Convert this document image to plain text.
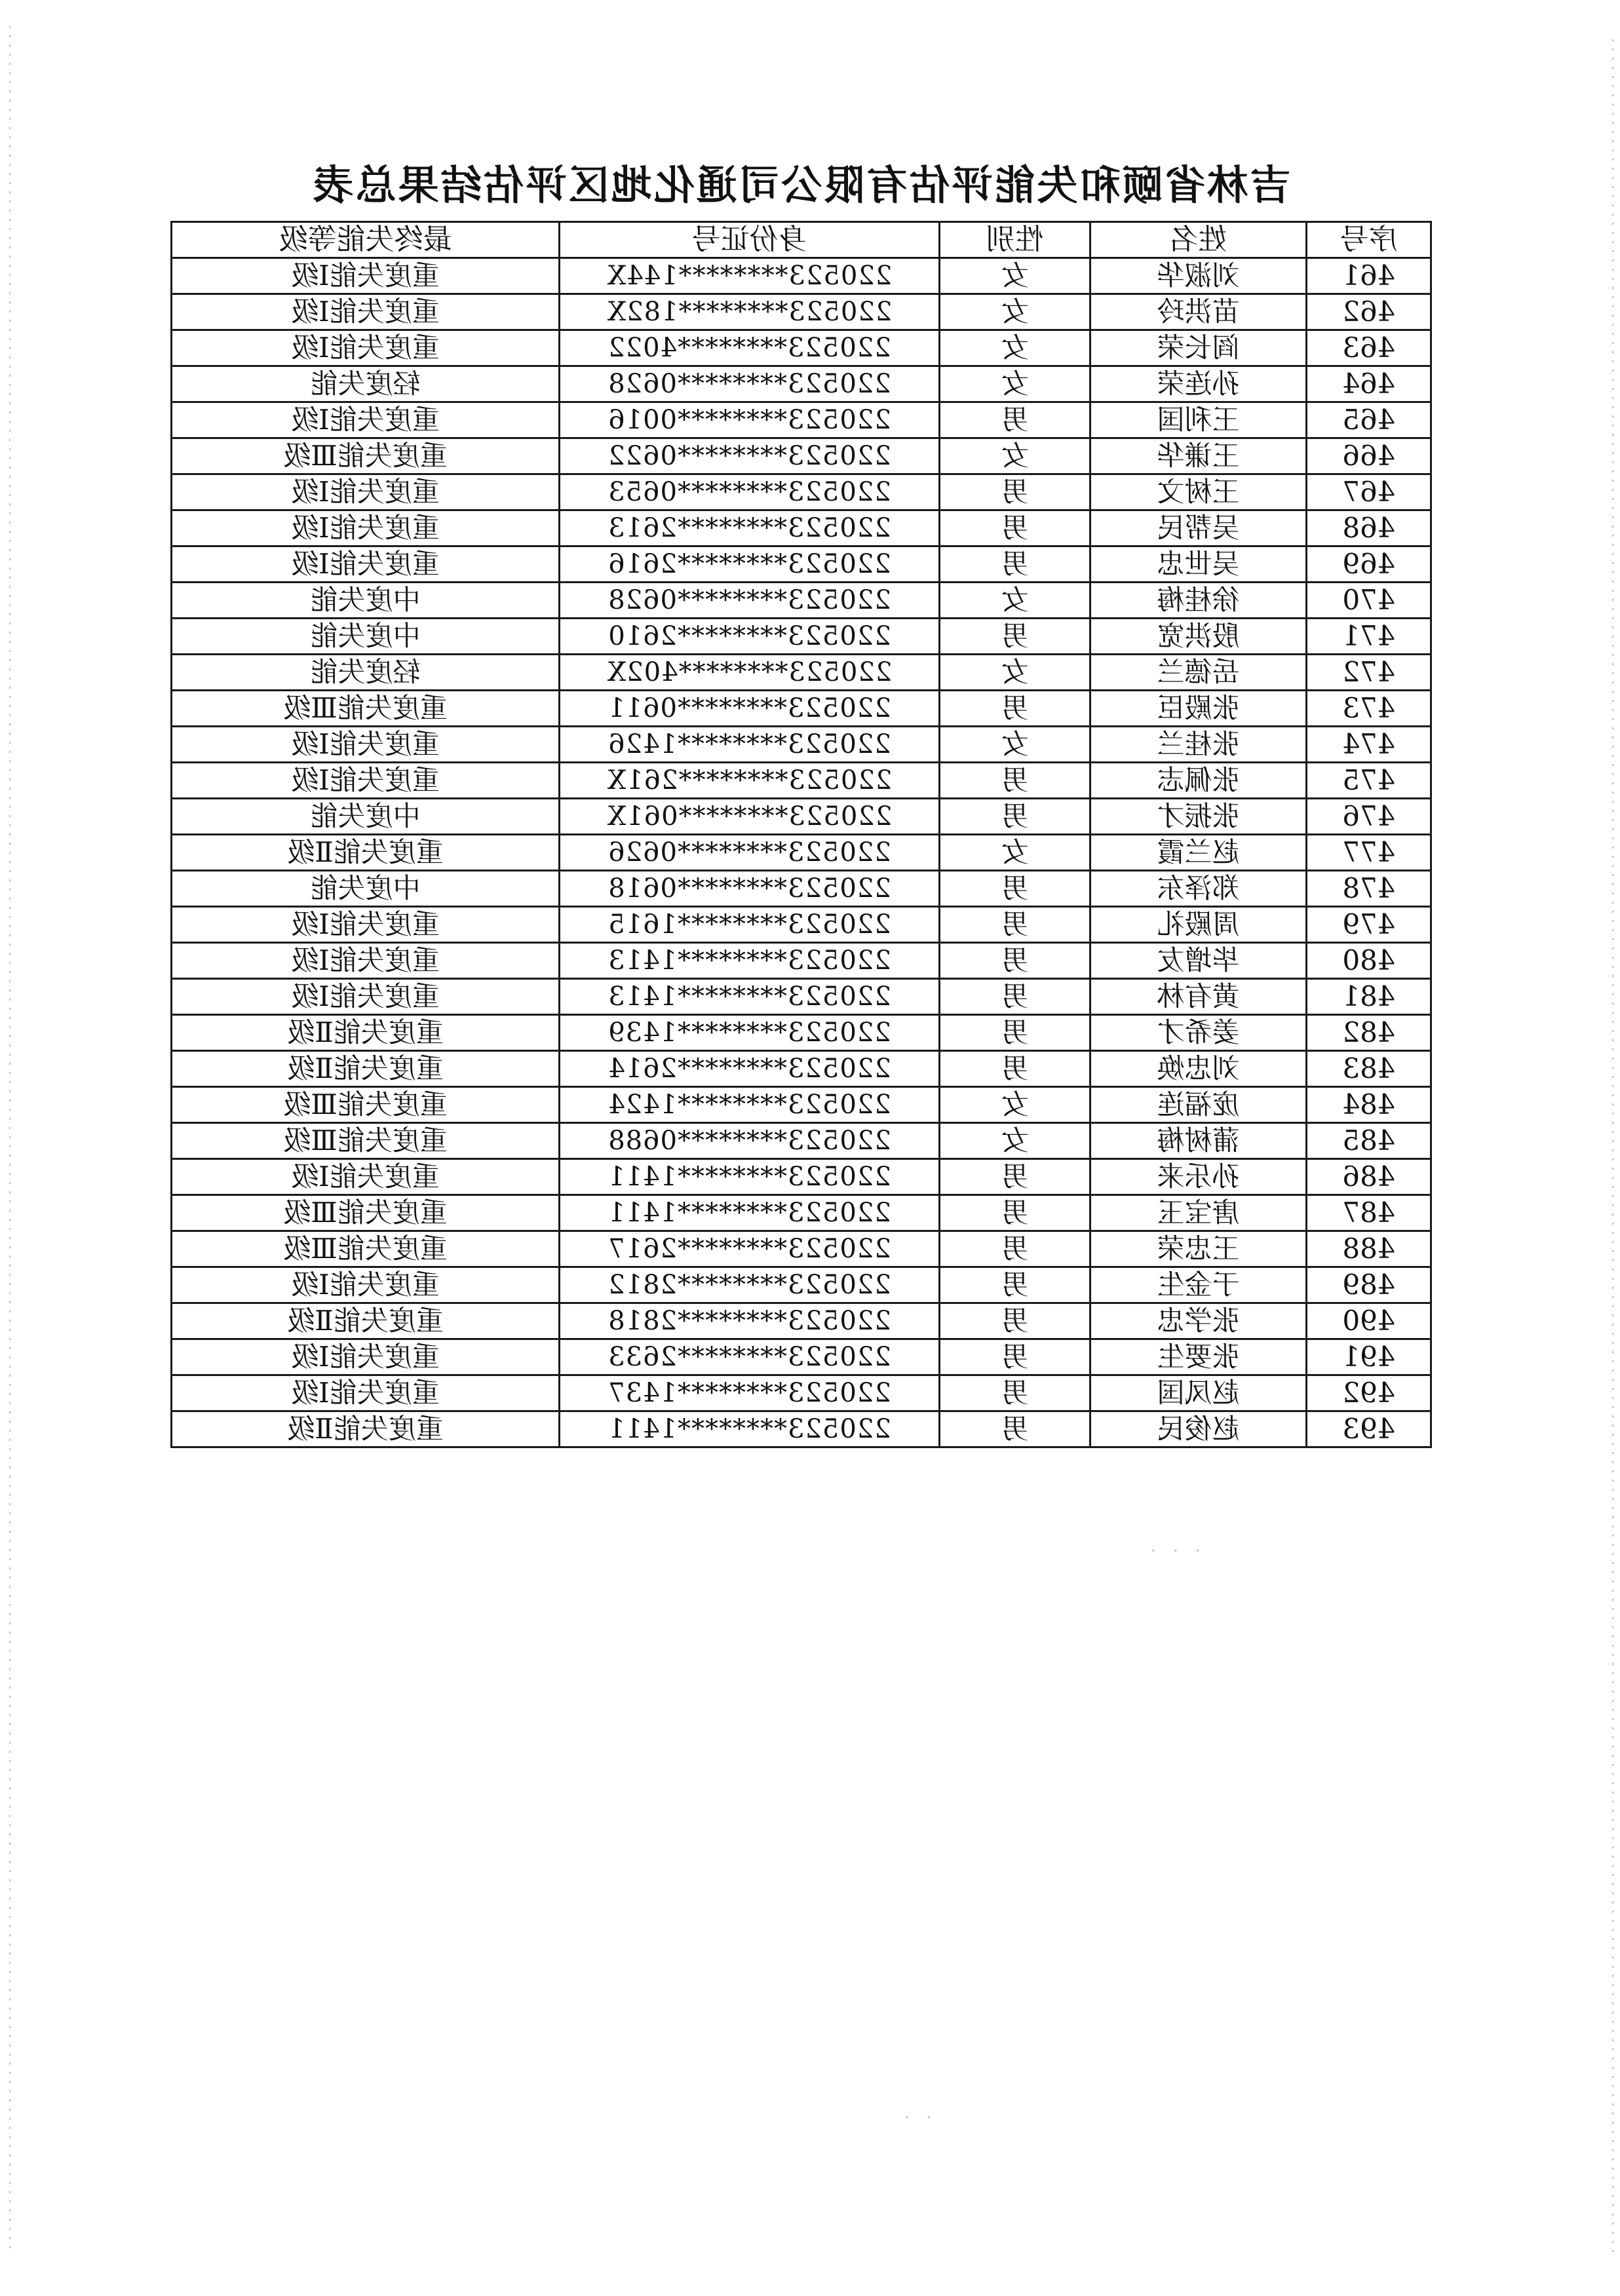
吉林省颐和失能评估有限公司通化地区评估结果总表
序号	姓名	性别	身份证号	最终失能等级
461	刘淑华	女	220523********144X	重度失能Ⅰ级
462	苗洪玲	女	220523********182X	重度失能Ⅰ级
463	阎长荣	女	220523********4022	重度失能Ⅰ级
464	孙连荣	女	220523********0628	轻度失能
465	王利国	男	220523********0016	重度失能Ⅰ级
466	王谦华	女	220523********0622	重度失能Ⅲ级
467	王树文	男	220523********0653	重度失能Ⅰ级
468	吴帮民	男	220523********2613	重度失能Ⅰ级
469	吴世忠	男	220523********2616	重度失能Ⅰ级
470	徐桂梅	女	220523********0628	中度失能
471	殷洪宽	男	220523********2610	中度失能
472	岳德兰	女	220523********402X	轻度失能
473	张殿臣	男	220523********0611	重度失能Ⅲ级
474	张桂兰	女	220523********1426	重度失能Ⅰ级
475	张佩志	男	220523********261X	重度失能Ⅰ级
476	张振才	男	220523********061X	中度失能
477	赵兰霞	女	220523********0626	重度失能Ⅱ级
478	郑泽东	男	220523********0618	中度失能
479	周殿礼	男	220523********1615	重度失能Ⅰ级
480	毕增友	男	220523********1413	重度失能Ⅰ级
481	黄有林	男	220523********1413	重度失能Ⅰ级
482	姜希才	男	220523********1439	重度失能Ⅱ级
483	刘忠焕	男	220523********2614	重度失能Ⅱ级
484	庞福连	女	220523********1424	重度失能Ⅲ级
485	蒲树梅	女	220523********0688	重度失能Ⅲ级
486	孙乐来	男	220523********1411	重度失能Ⅰ级
487	唐宝玉	男	220523********1411	重度失能Ⅲ级
488	王忠荣	男	220523********2617	重度失能Ⅲ级
489	于金生	男	220523********2812	重度失能Ⅰ级
490	张学忠	男	220523********2818	重度失能Ⅱ级
491	张要生	男	220523********2633	重度失能Ⅰ级
492	赵凤国	男	220523********1437	重度失能Ⅰ级
493	赵俊民	男	220523********1411	重度失能Ⅱ级
· · ·
· ·
